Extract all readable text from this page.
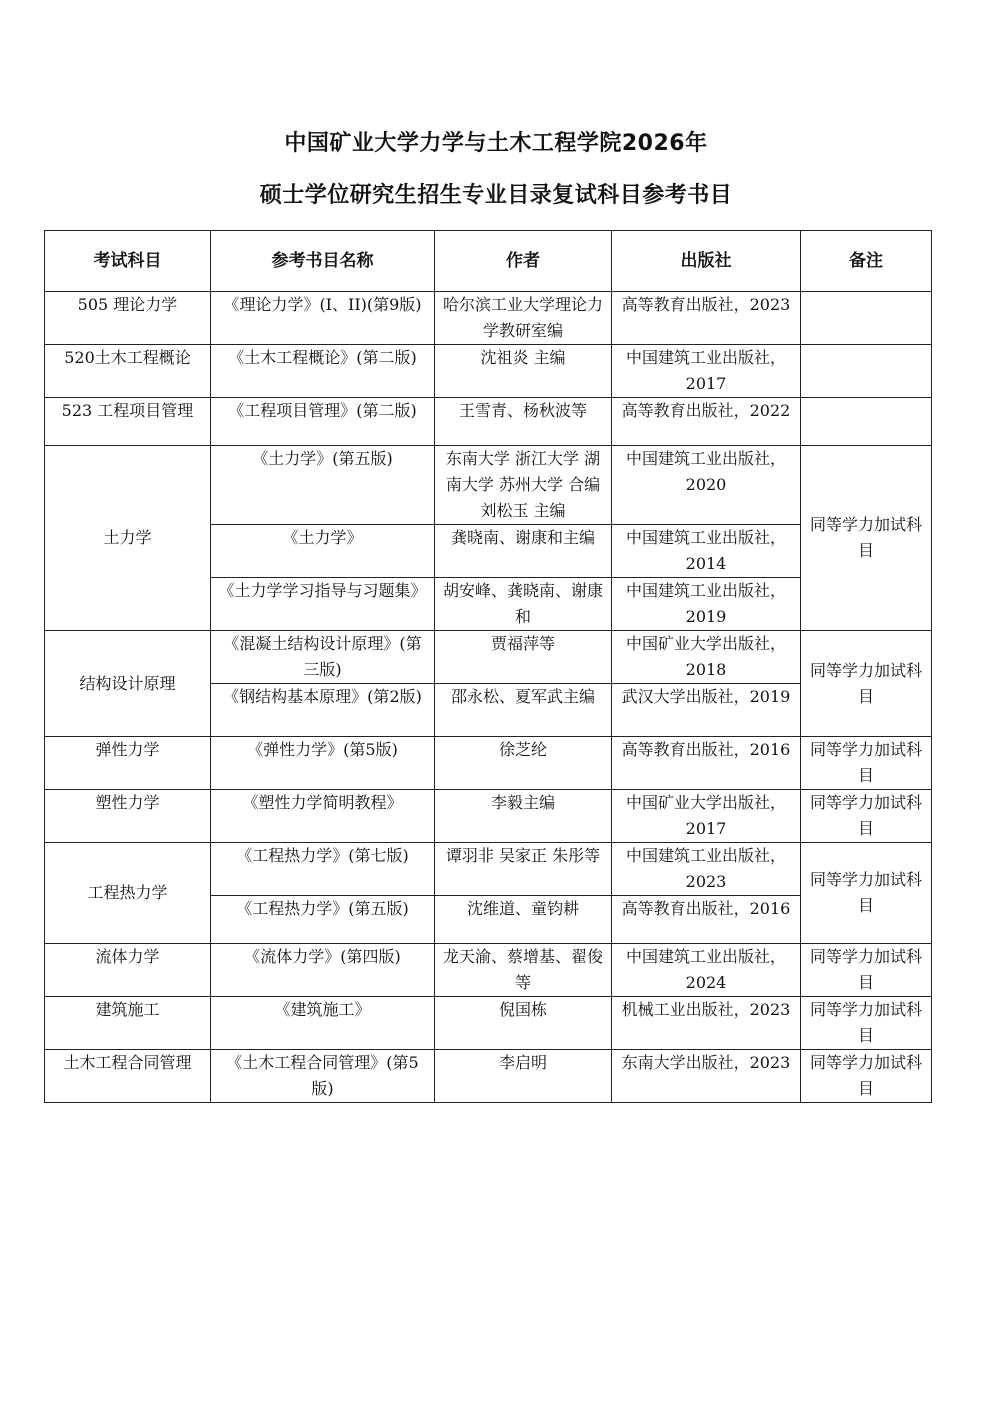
中国矿业大学力学与土木工程学院2026年
硕士学位研究生招生专业目录复试科目参考书目
考试科目	参考书目名称	作者	出版社	备注
505 理论力学	《理论力学》(I、II)(第9版)	哈尔滨工业大学理论力学教研室编	高等教育出版社，2023	
520土木工程概论	《土木工程概论》(第二版)	沈祖炎 主编	中国建筑工业出版社，2017	
523 工程项目管理	《工程项目管理》(第二版)	王雪青、杨秋波等	高等教育出版社，2022	
土力学	《土力学》(第五版)	东南大学 浙江大学 湖南大学 苏州大学 合编 刘松玉 主编	中国建筑工业出版社，2020	同等学力加试科目
	《土力学》	龚晓南、谢康和主编	中国建筑工业出版社，2014	
	《土力学学习指导与习题集》	胡安峰、龚晓南、谢康和	中国建筑工业出版社，2019	
结构设计原理	《混凝土结构设计原理》(第三版)	贾福萍等	中国矿业大学出版社，2018	同等学力加试科目
	《钢结构基本原理》(第2版)	邵永松、夏军武主编	武汉大学出版社，2019	
弹性力学	《弹性力学》(第5版)	徐芝纶	高等教育出版社，2016	同等学力加试科目
塑性力学	《塑性力学简明教程》	李毅主编	中国矿业大学出版社，2017	同等学力加试科目
工程热力学	《工程热力学》(第七版)	谭羽非 吴家正 朱彤等	中国建筑工业出版社，2023	同等学力加试科目
	《工程热力学》(第五版)	沈维道、童钧耕	高等教育出版社，2016	
流体力学	《流体力学》(第四版)	龙天渝、蔡增基、翟俊等	中国建筑工业出版社，2024	同等学力加试科目
建筑施工	《建筑施工》	倪国栋	机械工业出版社，2023	同等学力加试科目
土木工程合同管理	《土木工程合同管理》(第5版)	李启明	东南大学出版社，2023	同等学力加试科目
